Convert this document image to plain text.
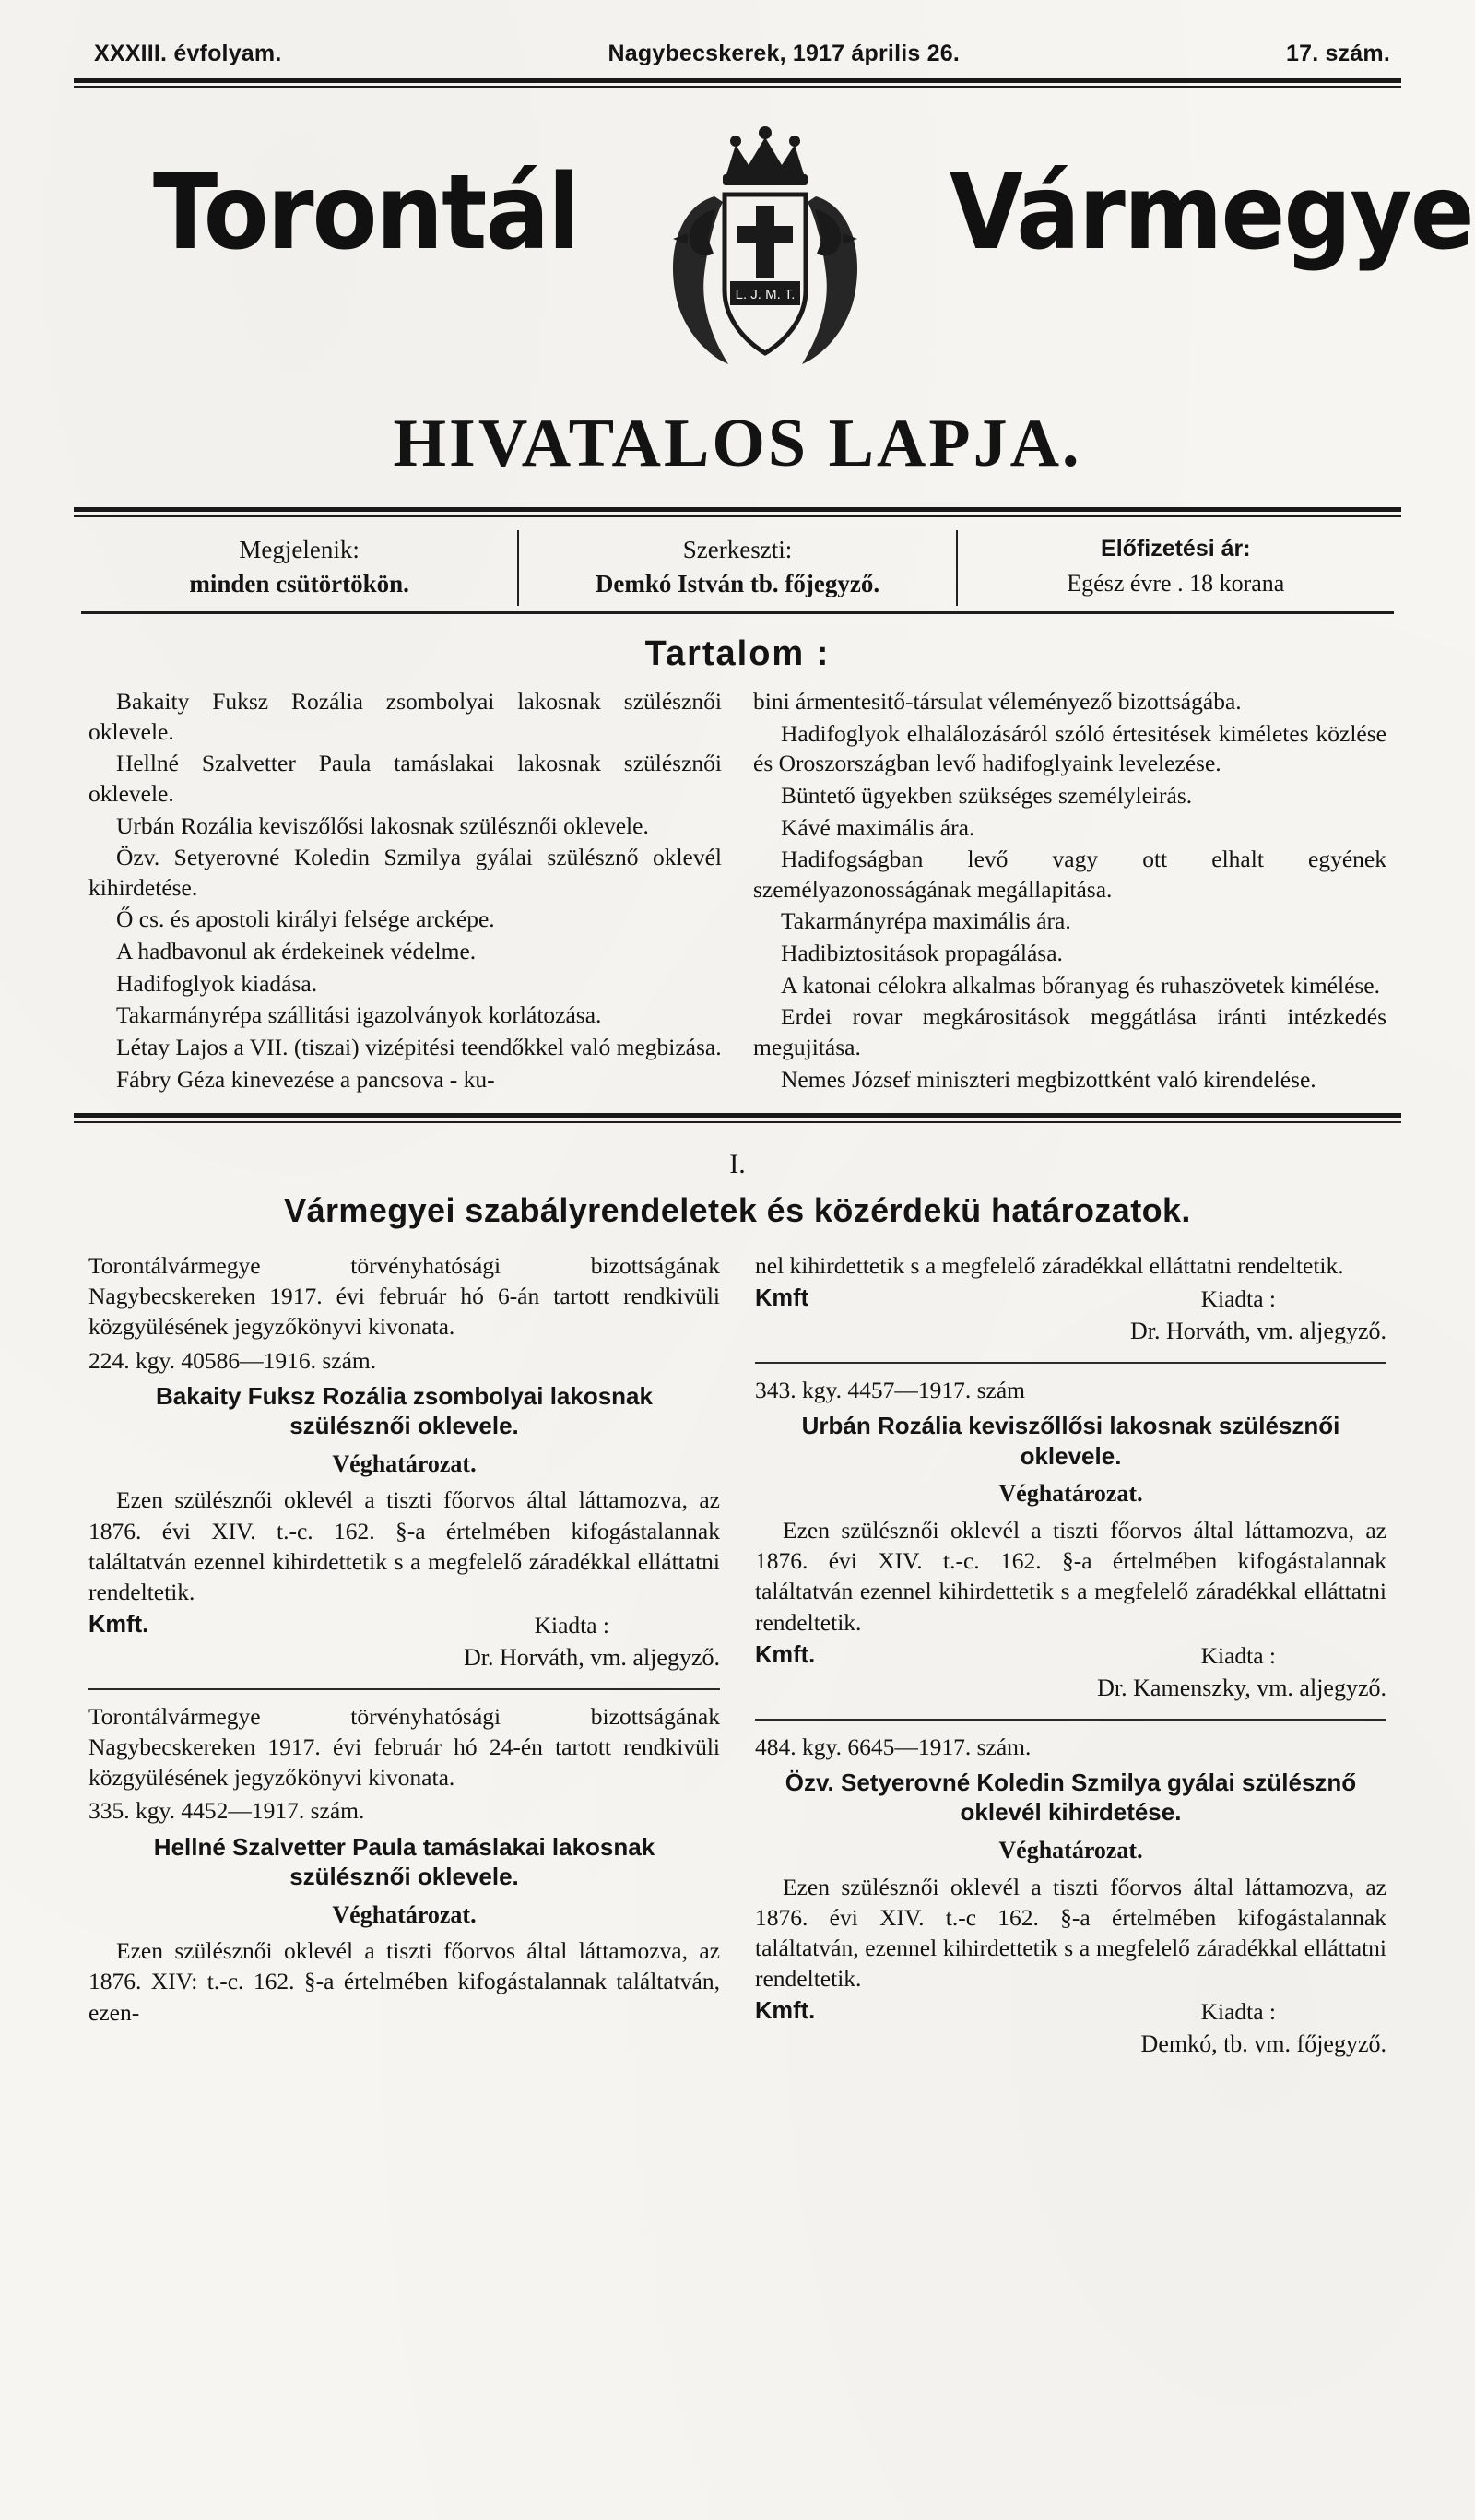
XXXIII. évfolyam.	Nagybecskerek, 1917 április 26.	17. szám.
Torontál	Vármegye
L. J. M. T.
HIVATALOS LAPJA.
Megjelenik:
minden csütörtökön.
Szerkeszti:
Demkó István tb. főjegyző.
Előfizetési ár:
Egész évre . 18 korana
Tartalom :

Bakaity Fuksz Rozália zsombolyai lakosnak szülésznői oklevele.

Hellné Szalvetter Paula tamáslakai lakosnak szülésznői oklevele.

Urbán Rozália keviszőlősi lakosnak szülésznői oklevele.

Özv. Setyerovné Koledin Szmilya gyálai szülésznő oklevél kihirdetése.

Ő cs. és apostoli királyi felsége arcképe.

A hadbavonul ak érdekeinek védelme.

Hadifoglyok kiadása.

Takarmányrépa szállitási igazolványok korlátozása.

Létay Lajos a VII. (tiszai) vizépitési teendőkkel való megbizása.

Fábry Géza kinevezése a pancsova - ku-

bini ármentesitő-társulat véleményező bizottságába.

Hadifoglyok elhalálozásáról szóló értesitések kiméletes közlése és Oroszországban levő hadifoglyaink levelezése.

Büntető ügyekben szükséges személyleirás.

Kávé maximális ára.

Hadifogságban levő vagy ott elhalt egyének személyazonosságának megállapitása.

Takarmányrépa maximális ára.

Hadibiztositások propagálása.

A katonai célokra alkalmas bőranyag és ruhaszövetek kimélése.

Erdei rovar megkárositások meggátlása iránti intézkedés megujitása.

Nemes József miniszteri megbizottként való kirendelése.

I.
Vármegyei szabályrendeletek és közérdekü határozatok.

Torontálvármegye törvényhatósági bizottságának Nagybecskereken 1917. évi február hó 6-án tartott rendkivüli közgyülésének jegyzőkönyvi kivonata.

224. kgy. 40586—1916. szám.

Bakaity Fuksz Rozália zsombolyai lakosnak
szülésznői oklevele.
Véghatározat.

Ezen szülésznői oklevél a tiszti főorvos által láttamozva, az 1876. évi XIV. t.-c. 162. §-a értelmében kifogástalannak találtatván ezennel kihirdettetik s a megfelelő záradékkal elláttatni rendeltetik.

Kmft.	Kiadta :
Dr. Horváth, vm. aljegyző.

Torontálvármegye törvényhatósági bizottságának Nagybecskereken 1917. évi február hó 24-én tartott rendkivüli közgyülésének jegyzőkönyvi kivonata.

335. kgy. 4452—1917. szám.

Hellné Szalvetter Paula tamáslakai lakosnak
szülésznői oklevele.
Véghatározat.

Ezen szülésznői oklevél a tiszti főorvos által láttamozva, az 1876. XIV: t.-c. 162. §-a értelmében kifogástalannak találtatván, ezen-

nel kihirdettetik s a megfelelő záradékkal elláttatni rendeltetik.

Kmft	Kiadta :
Dr. Horváth, vm. aljegyző.

343. kgy. 4457—1917. szám

Urbán Rozália keviszőllősi lakosnak szülésznői
oklevele.
Véghatározat.

Ezen szülésznői oklevél a tiszti főorvos által láttamozva, az 1876. évi XIV. t.-c. 162. §-a értelmében kifogástalannak találtatván ezennel kihirdettetik s a megfelelő záradékkal elláttatni rendeltetik.

Kmft.	Kiadta :
Dr. Kamenszky, vm. aljegyző.

484. kgy. 6645—1917. szám.

Özv. Setyerovné Koledin Szmilya gyálai szülésznő
oklevél kihirdetése.
Véghatározat.

Ezen szülésznői oklevél a tiszti főorvos által láttamozva, az 1876. évi XIV. t.-c 162. §-a értelmében kifogástalannak találtatván, ezennel kihirdettetik s a megfelelő záradékkal elláttatni rendeltetik.

Kmft.	Kiadta :
Demkó, tb. vm. főjegyző.
